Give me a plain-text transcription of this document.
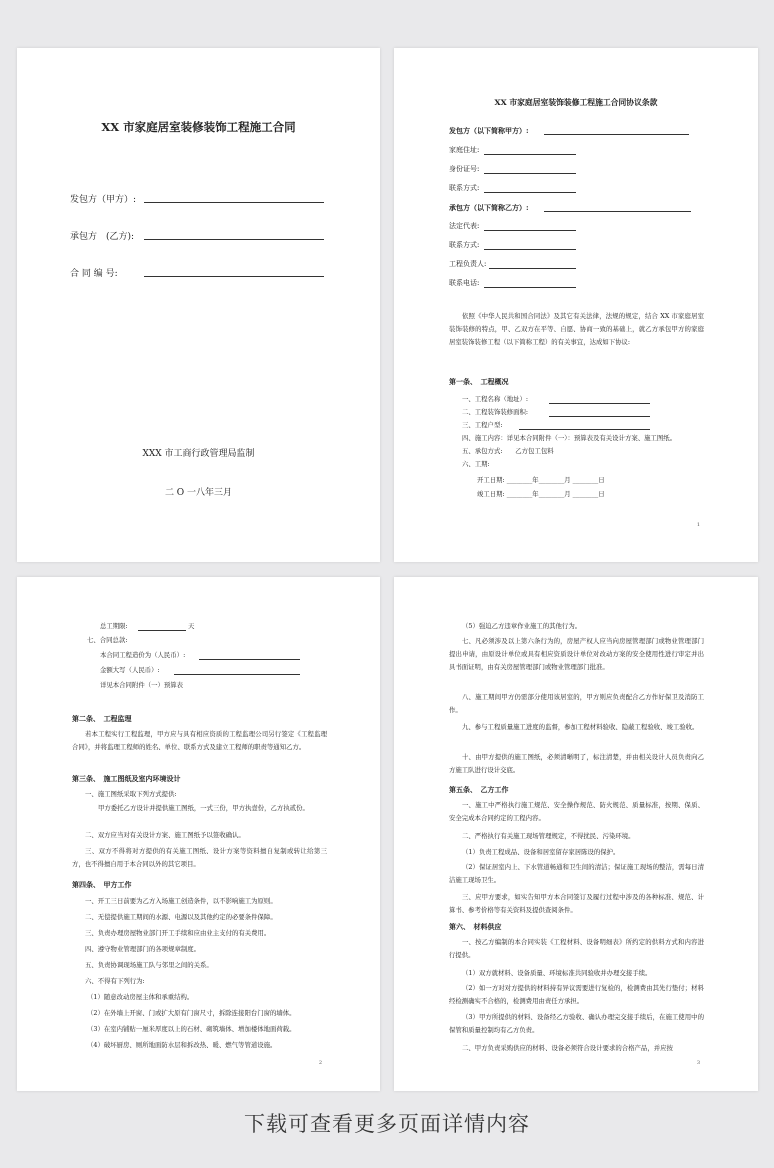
XX 市家庭居室装修装饰工程施工合同
发包方（甲方）:
承包方　(乙方):
合 同 编 号:
XXX 市工商行政管理局监制
二 O 一八年三月
XX 市家庭居室装饰装修工程施工合同协议条款
发包方（以下简称甲方）:
家庭住址:
身份证号:
联系方式:
承包方（以下简称乙方）:
法定代表:
联系方式:
工程负责人:
联系电话:
依照《中华人民共和国合同法》及其它有关法律，法规的规定，结合 XX 市家庭居室装饰装修的特点，甲、乙双方在平等、自愿、协商一致的基础上，就乙方承包甲方的家庭居室装饰装修工程（以下简称工程）的有关事宜，达成如下协议:
第一条、　工程概况
一、工程名称（地址）:
二、工程装饰装修面积:
三、工程户型:
四、施工内容：详见本合同附件（一）：预算表及有关设计方案、施工图纸。
五、承包方式:　　乙方包工包料
六、工期:
开工日期: ________年________月 ________日
竣工日期: ________年________月 ________日
1
总工期限:	天
七、合同总款:
本合同工程造价为（人民币）:
金额大写（人民币）:
详见本合同附件（一）预算表
第二条、　工程监理
若本工程实行工程监理，甲方应与具有相应资质的工程监理公司另行签定《工程监理合同》，并将监理工程师的姓名、单位、联系方式及建立工程师的职责等通知乙方。
第三条、　施工图纸及室内环境设计
一、施工图纸采取下列方式提供:
甲方委托乙方设计并提供施工图纸，一式三份，甲方执壹份，乙方执贰份。
二、双方应当对有关设计方案、施工图纸予以签收确认。
三、双方不得将对方提供的有关施工图纸、设计方案等资料擅自复制或转让给第三方，也不得擅自用于本合同以外的其它项目。
第四条、　甲方工作
一、开工三日前要为乙方入场施工创造条件，以不影响施工为原则。
二、无偿提供施工期间的水源、电源以及其他约定的必要条件保障。
三、负责办理房屋物业部门开工手续和应由业主支付的有关费用。
四、遵守物业管理部门的各项规章制度。
五、负责协调现场施工队与邻里之间的关系。
六、不得有下列行为:
（1）随意改动房屋主体和承重结构。
（2）在外墙上开窗、门或扩大原有门窗尺寸，拆除连接阳台门窗的墙体。
（3）在室内铺贴一厘米厚度以上的石材、砌筑墙体、增加楼体地面荷载。
（4）破坏厨房、厕所地面防水层和拆改热、暖、燃气等管道设施。
2
（5）强迫乙方违章作业施工的其他行为。
七、凡必须涉及以上第六条行为的，房屋产权人应当向房屋管理部门或物业管理部门提出申请，由原设计单位或具有相应资质设计单位对改动方案的安全使用性进行审定并出具书面证明，由有关房屋管理部门或物业管理部门批准。
八、施工期间甲方仍需部分使用该居室的，甲方则应负责配合乙方作好保卫及消防工作。
九、参与工程质量施工进度的监督，参加工程材料验收、隐蔽工程验收、竣工验收。
十、由甲方提供的施工图纸，必须清晰明了，标注清楚，并由相关设计人员负责向乙方施工队进行设计交底。
第五条、　乙方工作
一、施工中严格执行施工规范、安全操作规范、防火规范、质量标准，按期、保质、安全完成本合同约定的工程内容。
二、严格执行有关施工现场管理规定，不得扰民、污染环境。
（1）负责工程成品、设备和居室留存家居陈设的保护。
（2）保证居室内上、下水管道畅通和卫生间的清洁；保证施工现场的整洁，需每日清洁施工现场卫生。
三、应甲方要求，如实告知甲方本合同签订及履行过程中涉及的各种标准、规范、计算书、参考价格等有关资料及提供查阅条件。
第六、　材料供应
一、按乙方编制的本合同实装《工程材料、设备明细表》所约定的供料方式和内容进行提供。
（1）双方就材料、设备质量、环境标准共同验收并办理交接手续。
（2）如一方对对方提供的材料持有异议需要进行复检的，检测费由其先行垫付；材料经检测确实不合格的，检测费用由责任方承担。
（3）甲方所提供的材料、设备经乙方验收、确认办理完交接手续后，在施工使用中的保管和质量控制均有乙方负责。
二、甲方负责采购供应的材料、设备必须符合设计要求的合格产品，并应按
3
下载可查看更多页面详情内容
